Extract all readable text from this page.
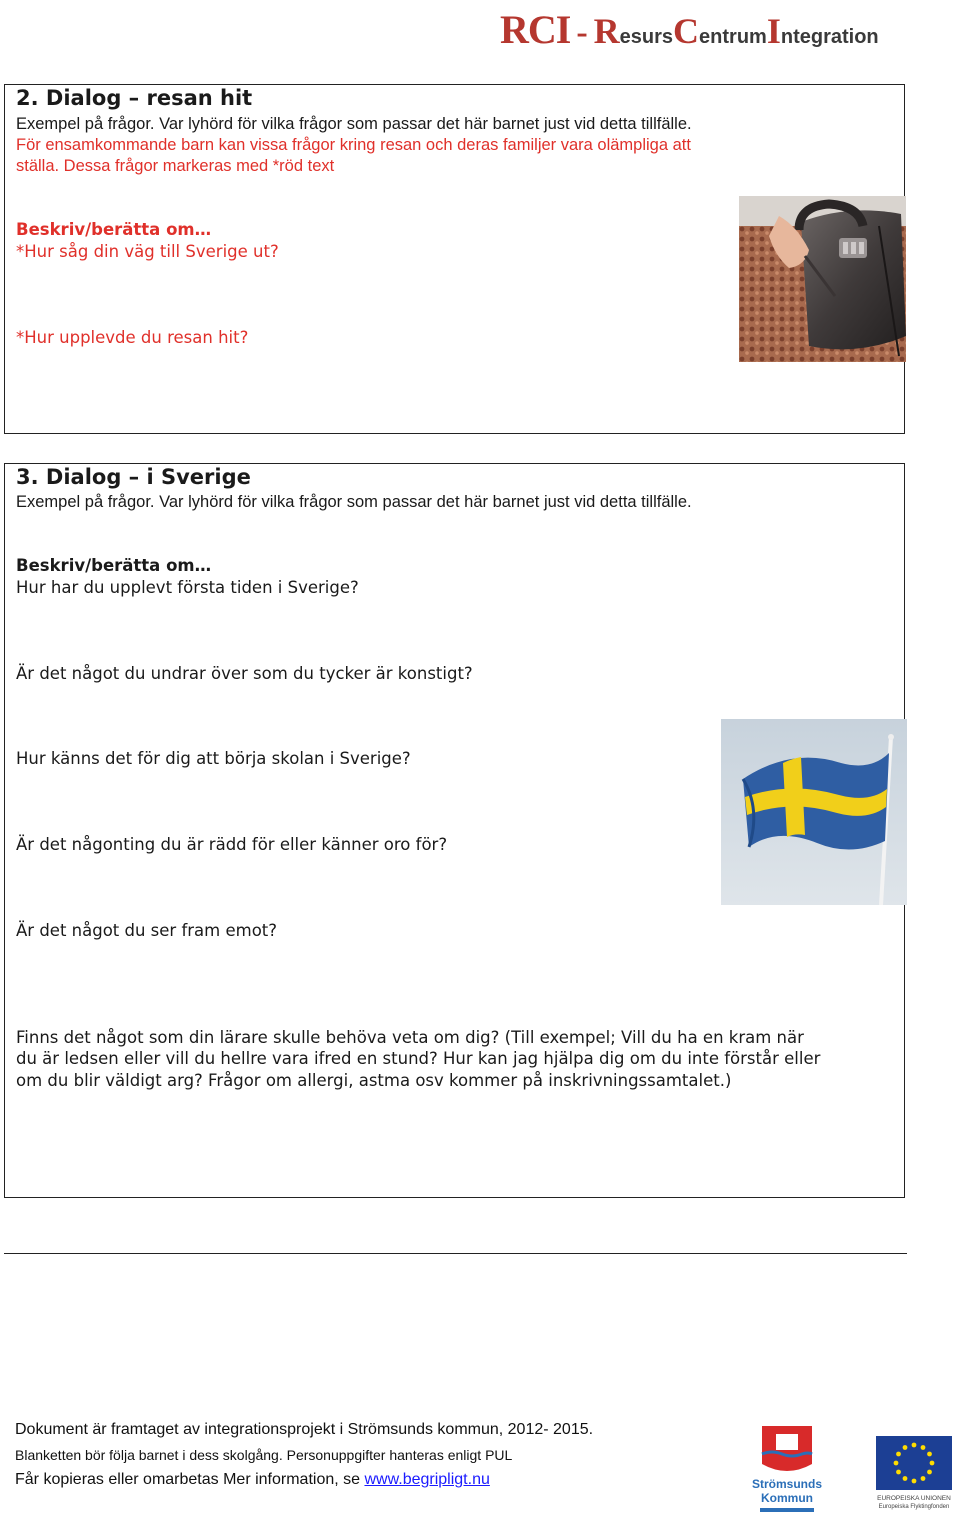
RCI - ResursCentrumIntegration
2. Dialog – resan hit
Exempel på frågor. Var lyhörd för vilka frågor som passar det här barnet just vid detta tillfälle.
För ensamkommande barn kan vissa frågor kring resan och deras familjer vara olämpliga att
ställa. Dessa frågor markeras med *röd text
Beskriv/berätta om…
*Hur såg din väg till Sverige ut?
*Hur upplevde du resan hit?
3. Dialog – i Sverige
Exempel på frågor. Var lyhörd för vilka frågor som passar det här barnet just vid detta tillfälle.
Beskriv/berätta om…
Hur har du upplevt första tiden i Sverige?
Är det något du undrar över som du tycker är konstigt?
Hur känns det för dig att börja skolan i Sverige?
Är det någonting du är rädd för eller känner oro för?
Är det något du ser fram emot?
Finns det något som din lärare skulle behöva veta om dig? (Till exempel; Vill du ha en kram när
du är ledsen eller vill du hellre vara ifred en stund? Hur kan jag hjälpa dig om du inte förstår eller
om du blir väldigt arg? Frågor om allergi, astma osv kommer på inskrivningssamtalet.)
Dokument är framtaget av integrationsprojekt i Strömsunds kommun, 2012- 2015.
Blanketten bör följa barnet i dess skolgång. Personuppgifter hanteras enligt PUL
Får kopieras eller omarbetas Mer information, se www.begripligt.nu	Strömsunds
Kommun	EUROPEISKA UNIONEN
Europeiska Flyktingfonden
